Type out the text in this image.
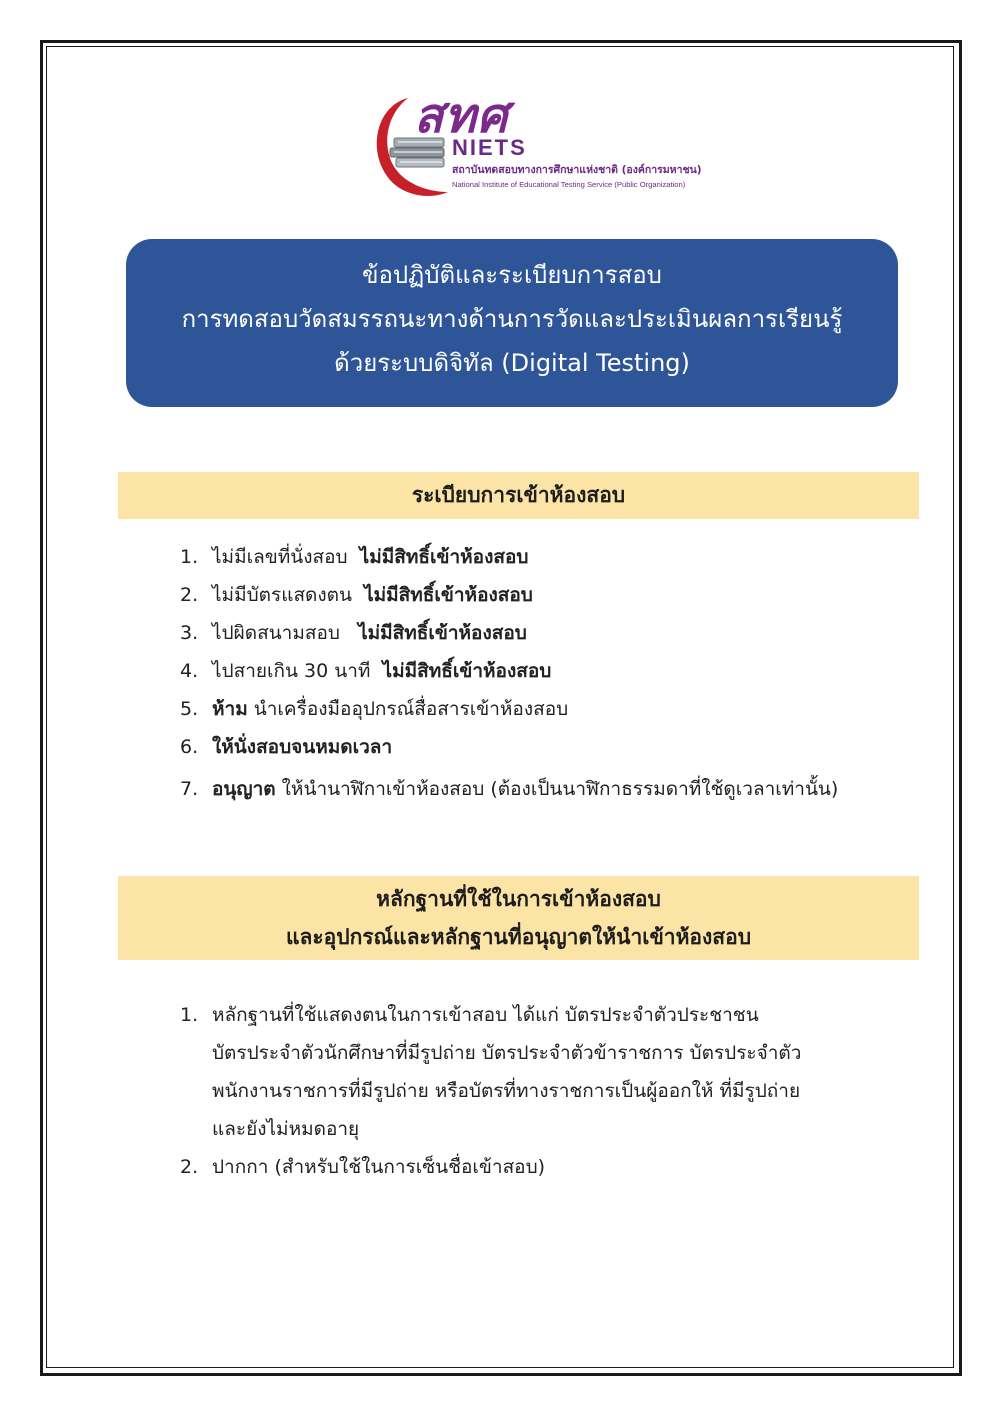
สทศ
NIETS
สถาบันทดสอบทางการศึกษาแห่งชาติ (องค์การมหาชน)
National Institute of Educational Testing Service (Public Organization)
ข้อปฏิบัติและระเบียบการสอบ
การทดสอบวัดสมรรถนะทางด้านการวัดและประเมินผลการเรียนรู้
ด้วยระบบดิจิทัล (Digital Testing)
ระเบียบการเข้าห้องสอบ
1. ไม่มีเลขที่นั่งสอบ  ไม่มีสิทธิ์เข้าห้องสอบ
2. ไม่มีบัตรแสดงตน  ไม่มีสิทธิ์เข้าห้องสอบ
3. ไปผิดสนามสอบ   ไม่มีสิทธิ์เข้าห้องสอบ
4. ไปสายเกิน 30 นาที  ไม่มีสิทธิ์เข้าห้องสอบ
5. ห้าม นำเครื่องมืออุปกรณ์สื่อสารเข้าห้องสอบ
6. ให้นั่งสอบจนหมดเวลา
7. อนุญาต ให้นำนาฬิกาเข้าห้องสอบ (ต้องเป็นนาฬิกาธรรมดาที่ใช้ดูเวลาเท่านั้น)
หลักฐานที่ใช้ในการเข้าห้องสอบ
และอุปกรณ์และหลักฐานที่อนุญาตให้นำเข้าห้องสอบ
1. หลักฐานที่ใช้แสดงตนในการเข้าสอบ ได้แก่ บัตรประจำตัวประชาชน
บัตรประจำตัวนักศึกษาที่มีรูปถ่าย บัตรประจำตัวข้าราชการ บัตรประจำตัว
พนักงานราชการที่มีรูปถ่าย หรือบัตรที่ทางราชการเป็นผู้ออกให้ ที่มีรูปถ่าย
และยังไม่หมดอายุ
2. ปากกา (สำหรับใช้ในการเซ็นชื่อเข้าสอบ)
